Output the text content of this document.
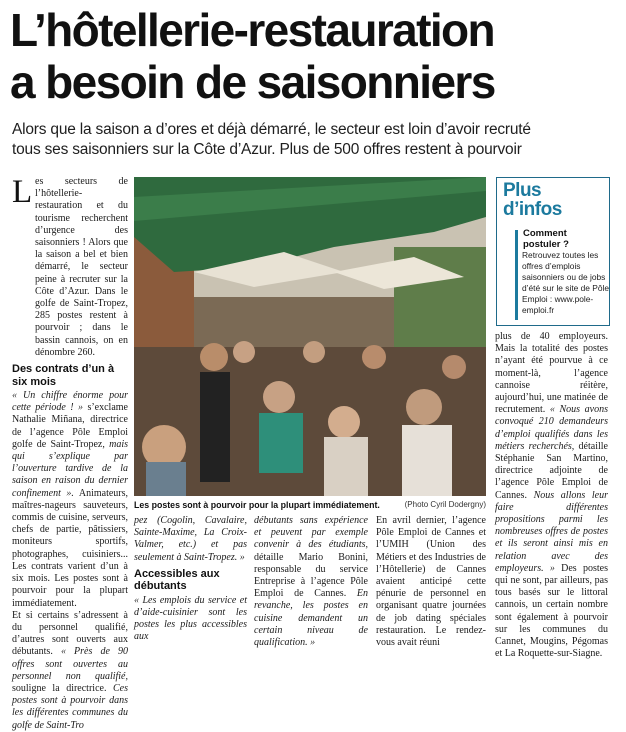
L’hôtellerie-restauration
a besoin de saisonniers

Alors que la saison a d’ores et déjà démarré, le secteur est loin d’avoir recruté
tous ses saisonniers sur la Côte d’Azur. Plus de 500 offres restent à pourvoir

L es secteurs de l’hôtellerie-restauration et du tourisme recherchent d’urgence des saisonniers ! Alors que la saison a bel et bien démarré, le secteur peine à recruter sur la Côte d’Azur. Dans le golfe de Saint-Tropez, 285 postes restent à pourvoir ; dans le bassin cannois, on en dénombre 260.

Des contrats d’un à six mois

« Un chiffre énorme pour cette période ! » s’exclame Nathalie Miñana, directrice de l’agence Pôle Emploi golfe de Saint-Tropez, mais qui s’explique par l’ouverture tardive de la saison en raison du dernier confinement ». Animateurs, maîtres-nageurs sauveteurs, commis de cuisine, serveurs, chefs de partie, pâtissiers, moniteurs sportifs, photographes, cuisiniers... Les contrats varient d’un à six mois. Les postes sont à pourvoir pour la plupart immédiatement.

Et si certains s’adressent à du personnel qualifié, d’autres sont ouverts aux débutants. « Près de 90 offres sont ouvertes au personnel non qualifié, souligne la directrice. Ces postes sont à pourvoir dans les différentes communes du golfe de Saint-Tro

Les postes sont à pourvoir pour la plupart immédiatement.	(Photo Cyril Dodergny)

pez (Cogolin, Cavalaire, Sainte-Maxime, La Croix-Valmer, etc.) et pas seulement à Saint-Tropez. »

Accessibles aux débutants

« Les emplois du service et d’aide-cuisinier sont les postes les plus accessibles aux

débutants sans expérience et peuvent par exemple convenir à des étudiants, détaille Mario Bonini, responsable du service Entreprise à l’agence Pôle Emploi de Cannes. En revanche, les postes en cuisine demandent un certain niveau de qualification. »

En avril dernier, l’agence Pôle Emploi de Cannes et l’UMIH (Union des Métiers et des Industries de l’Hôtellerie) de Cannes avaient anticipé cette pénurie de personnel en organisant quatre journées de job dating spéciales restauration. Le rendez-vous avait réuni

Plus
d’infos

Comment
postuler ?

Retrouvez toutes les
offres d’emplois
saisonniers ou de jobs
d’été sur le site de Pôle
Emploi : www.pole-
emploi.fr

plus de 40 employeurs. Mais la totalité des postes n’ayant été pourvue à ce moment-là, l’agence cannoise réitère, aujourd’hui, une matinée de recrutement. « Nous avons convoqué 210 demandeurs d’emploi qualifiés dans les métiers recherchés, détaille Stéphanie San Martino, directrice adjointe de l’agence Pôle Emploi de Cannes. Nous allons leur faire différentes propositions parmi les nombreuses offres de postes et ils seront ainsi mis en relation avec des employeurs. » Des postes qui ne sont, par ailleurs, pas tous basés sur le littoral cannois, un certain nombre sont également à pourvoir sur les communes du Cannet, Mougins, Pégomas et La Roquette-sur-Siagne.
